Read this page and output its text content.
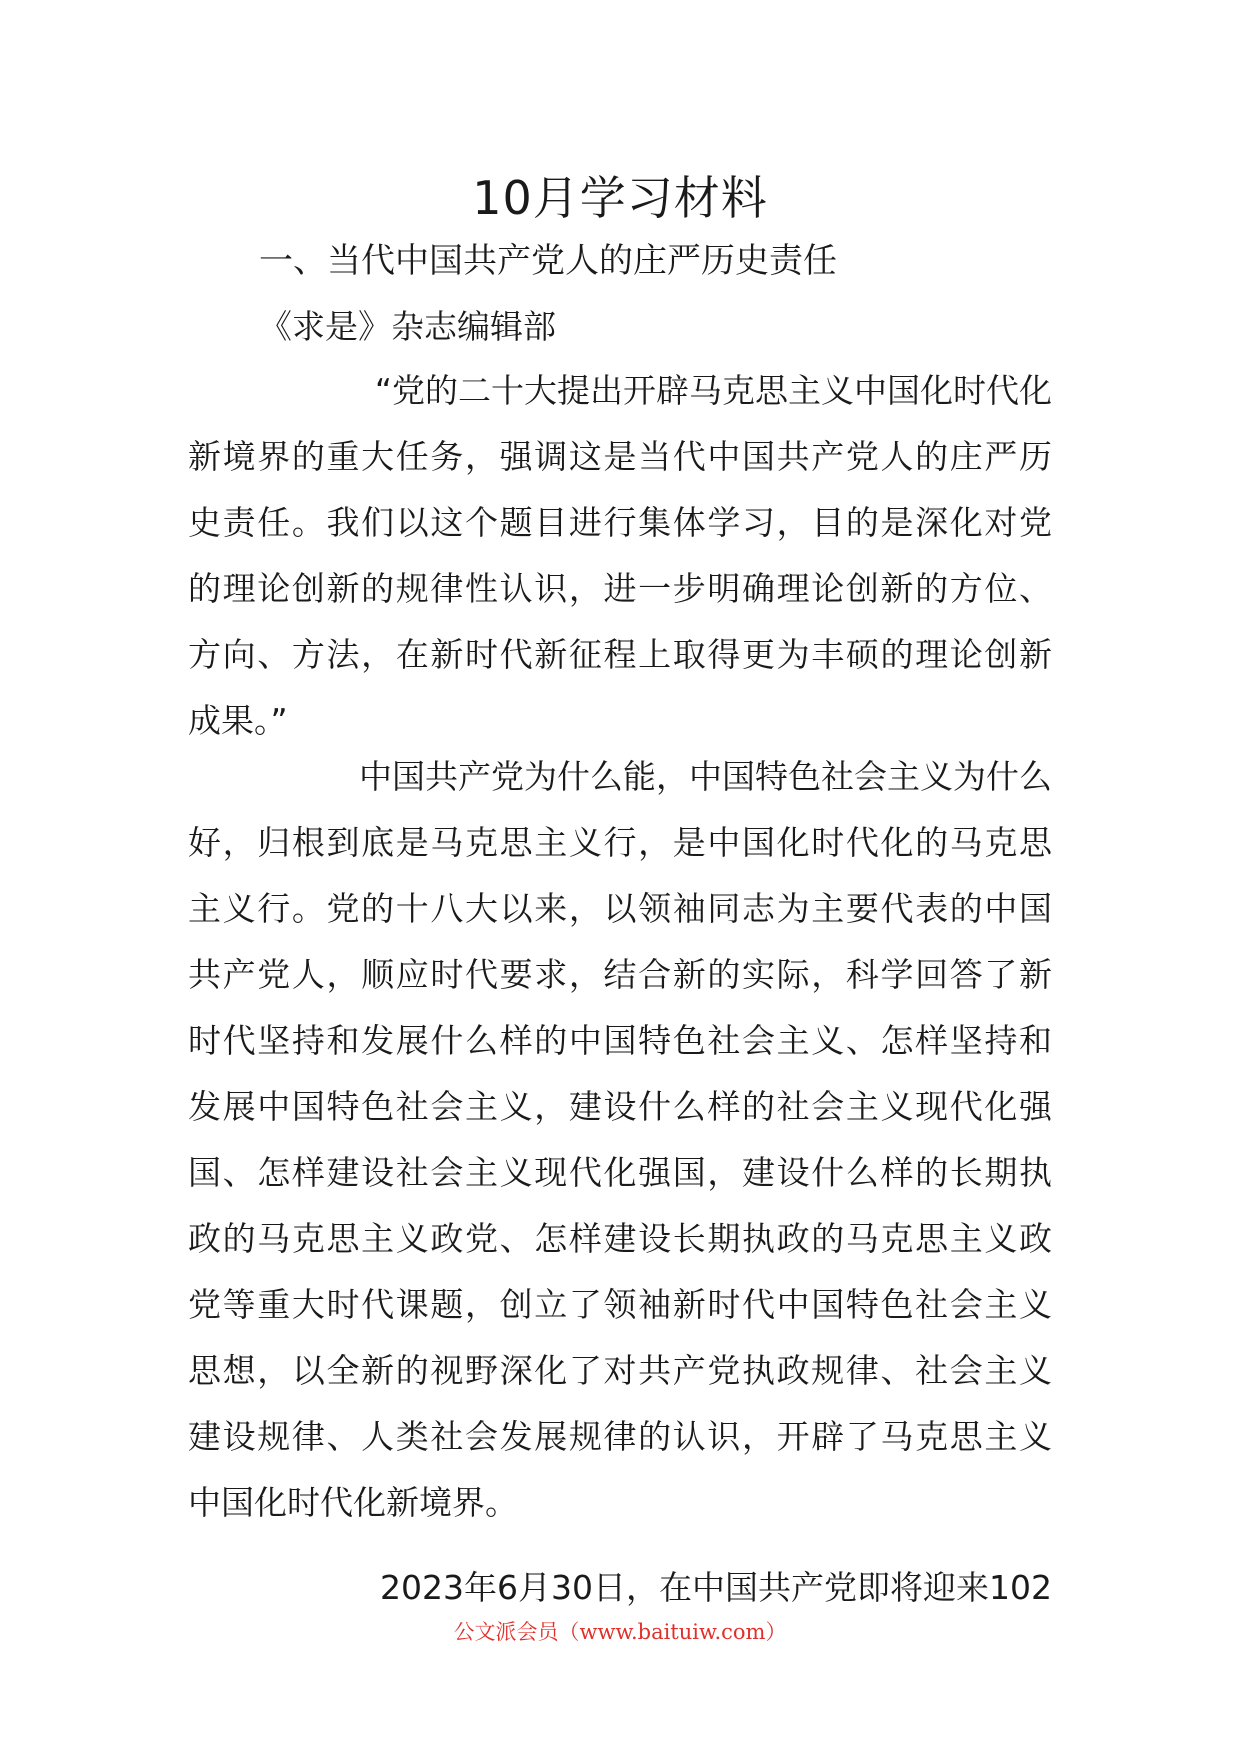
10月学习材料
一、当代中国共产党人的庄严历史责任

《求是》杂志编辑部

“党的二十大提出开辟马克思主义中国化时代化
新境界的重大任务，强调这是当代中国共产党人的庄严历
史责任。我们以这个题目进行集体学习，目的是深化对党
的理论创新的规律性认识，进一步明确理论创新的方位、
方向、方法，在新时代新征程上取得更为丰硕的理论创新
成果。”
中国共产党为什么能，中国特色社会主义为什么
好，归根到底是马克思主义行，是中国化时代化的马克思
主义行。党的十八大以来，以领袖同志为主要代表的中国
共产党人，顺应时代要求，结合新的实际，科学回答了新
时代坚持和发展什么样的中国特色社会主义、怎样坚持和
发展中国特色社会主义，建设什么样的社会主义现代化强
国、怎样建设社会主义现代化强国，建设什么样的长期执
政的马克思主义政党、怎样建设长期执政的马克思主义政
党等重大时代课题，创立了领袖新时代中国特色社会主义
思想，以全新的视野深化了对共产党执政规律、社会主义
建设规律、人类社会发展规律的认识，开辟了马克思主义
中国化时代化新境界。
2023年6月30日，在中国共产党即将迎来102

公文派会员（www.baituiw.com）
